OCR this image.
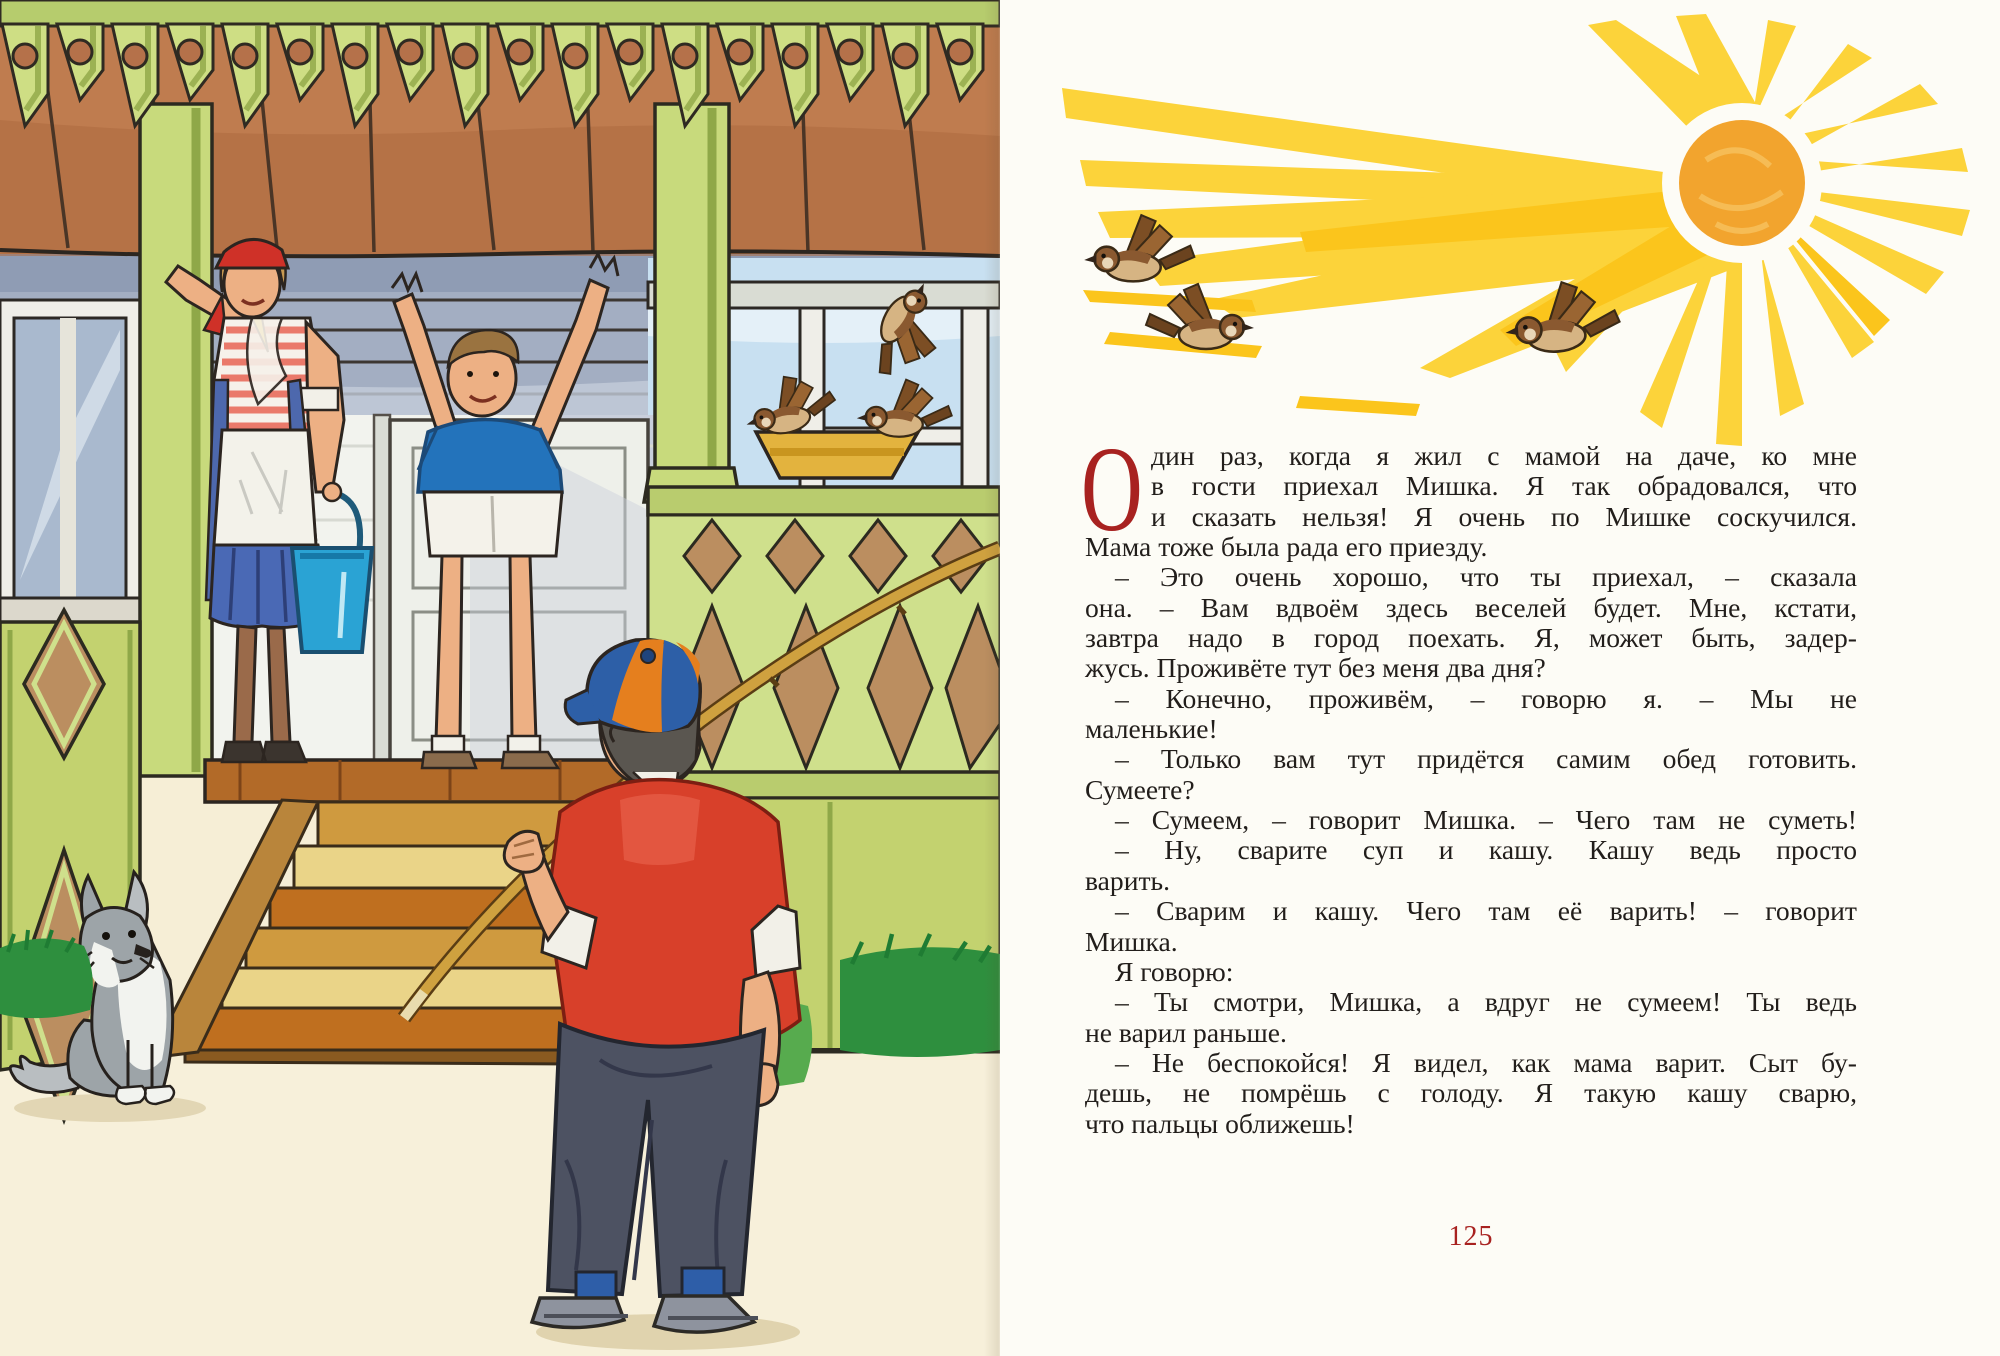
О дин раз, когда я жил с мамой на даче, ко мне
в гости приехал Мишка. Я так обрадовался, что
и сказать нельзя! Я очень по Мишке соскучился.
Мама тоже была рада его приезду.
– Это очень хорошо, что ты приехал, – сказала
она. – Вам вдвоём здесь веселей будет. Мне, кстати,
завтра надо в город поехать. Я, может быть, задер-
жусь. Проживёте тут без меня два дня?
– Конечно, проживём, – говорю я. – Мы не
маленькие!
– Только вам тут придётся самим обед готовить.
Сумеете?
– Сумеем, – говорит Мишка. – Чего там не суметь!
– Ну, сварите суп и кашу. Кашу ведь просто
варить.
– Сварим и кашу. Чего там её варить! – говорит
Мишка.
Я говорю:
– Ты смотри, Мишка, а вдруг не сумеем! Ты ведь
не варил раньше.
– Не беспокойся! Я видел, как мама варит. Сыт бу-
дешь, не помрёшь с голоду. Я такую кашу сварю,
что пальцы оближешь!
125
